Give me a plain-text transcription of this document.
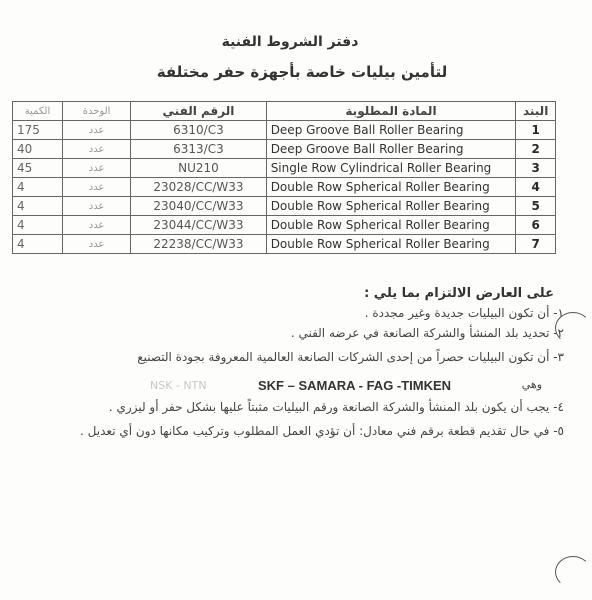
دفتر الشروط الفنية
لتأمين بيليات خاصة بأجهزة حفر مختلفة
البند	المادة المطلوبة	الرقم الفني	الوحدة	الكمية
1	Deep Groove Ball Roller Bearing	6310/C3	عدد	175
2	Deep Groove Ball Roller Bearing	6313/C3	عدد	40
3	Single Row Cylindrical Roller Bearing	NU210	عدد	45
4	Double Row Spherical Roller Bearing	23028/CC/W33	عدد	4
5	Double Row Spherical Roller Bearing	23040/CC/W33	عدد	4
6	Double Row Spherical Roller Bearing	23044/CC/W33	عدد	4
7	Double Row Spherical Roller Bearing	22238/CC/W33	عدد	4
على العارض الالتزام بما يلي :
١- أن تكون البيليات جديدة وغير مجددة .
٢- تحديد بلد المنشأ والشركة الصانعة في عرضه الفني .
٣- أن تكون البيليات حصراً من إحدى الشركات الصانعة العالمية المعروفة بجودة التصنيع
وهي
SKF – SAMARA - FAG -TIMKEN
NSK - NTN
٤- يجب أن يكون بلد المنشأ والشركة الصانعة ورقم البيليات مثبتاً عليها بشكل حفر أو ليزري .
٥- في حال تقديم قطعة برقم فني معادل: أن تؤدي العمل المطلوب وتركيب مكانها دون أي تعديل .
